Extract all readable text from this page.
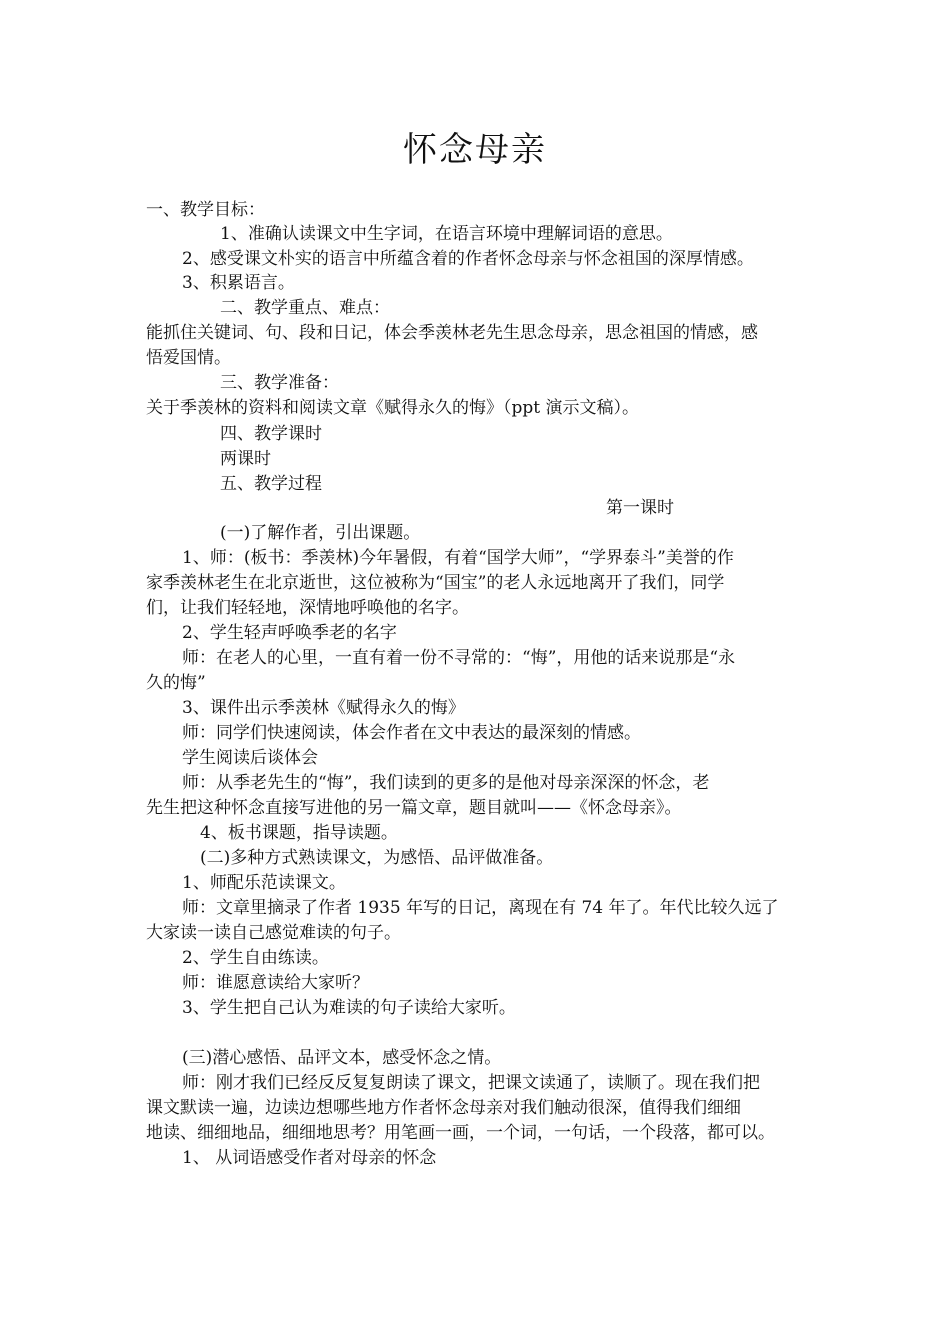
怀念母亲
一、教学目标：
1、准确认读课文中生字词，在语言环境中理解词语的意思。
2、感受课文朴实的语言中所蕴含着的作者怀念母亲与怀念祖国的深厚情感。
3、积累语言。
二、教学重点、难点：
能抓住关键词、句、段和日记，体会季羡林老先生思念母亲，思念祖国的情感，感
悟爱国情。
三、教学准备：
关于季羡林的资料和阅读文章《赋得永久的悔》（ppt 演示文稿）。
四、教学课时
两课时
五、教学过程
第一课时
(一)了解作者，引出课题。
1、师：(板书：季羡林)今年暑假，有着“国学大师”，“学界泰斗”美誉的作
家季羡林老生在北京逝世，这位被称为“国宝”的老人永远地离开了我们，同学
们，让我们轻轻地，深情地呼唤他的名字。
2、学生轻声呼唤季老的名字
师：在老人的心里，一直有着一份不寻常的：“悔”，用他的话来说那是“永
久的悔”
3、课件出示季羡林《赋得永久的悔》
师：同学们快速阅读，体会作者在文中表达的最深刻的情感。
学生阅读后谈体会
师：从季老先生的“悔”，我们读到的更多的是他对母亲深深的怀念，老
先生把这种怀念直接写进他的另一篇文章，题目就叫——《怀念母亲》。
4、板书课题，指导读题。
(二)多种方式熟读课文，为感悟、品评做准备。
1、师配乐范读课文。
师：文章里摘录了作者 1935 年写的日记，离现在有 74 年了。年代比较久远了
大家读一读自己感觉难读的句子。
2、学生自由练读。
师：谁愿意读给大家听？
3、学生把自己认为难读的句子读给大家听。
(三)潜心感悟、品评文本，感受怀念之情。
师：刚才我们已经反反复复朗读了课文，把课文读通了，读顺了。现在我们把
课文默读一遍，边读边想哪些地方作者怀念母亲对我们触动很深，值得我们细细
地读、细细地品，细细地思考？用笔画一画，一个词，一句话，一个段落，都可以。
1、 从词语感受作者对母亲的怀念
